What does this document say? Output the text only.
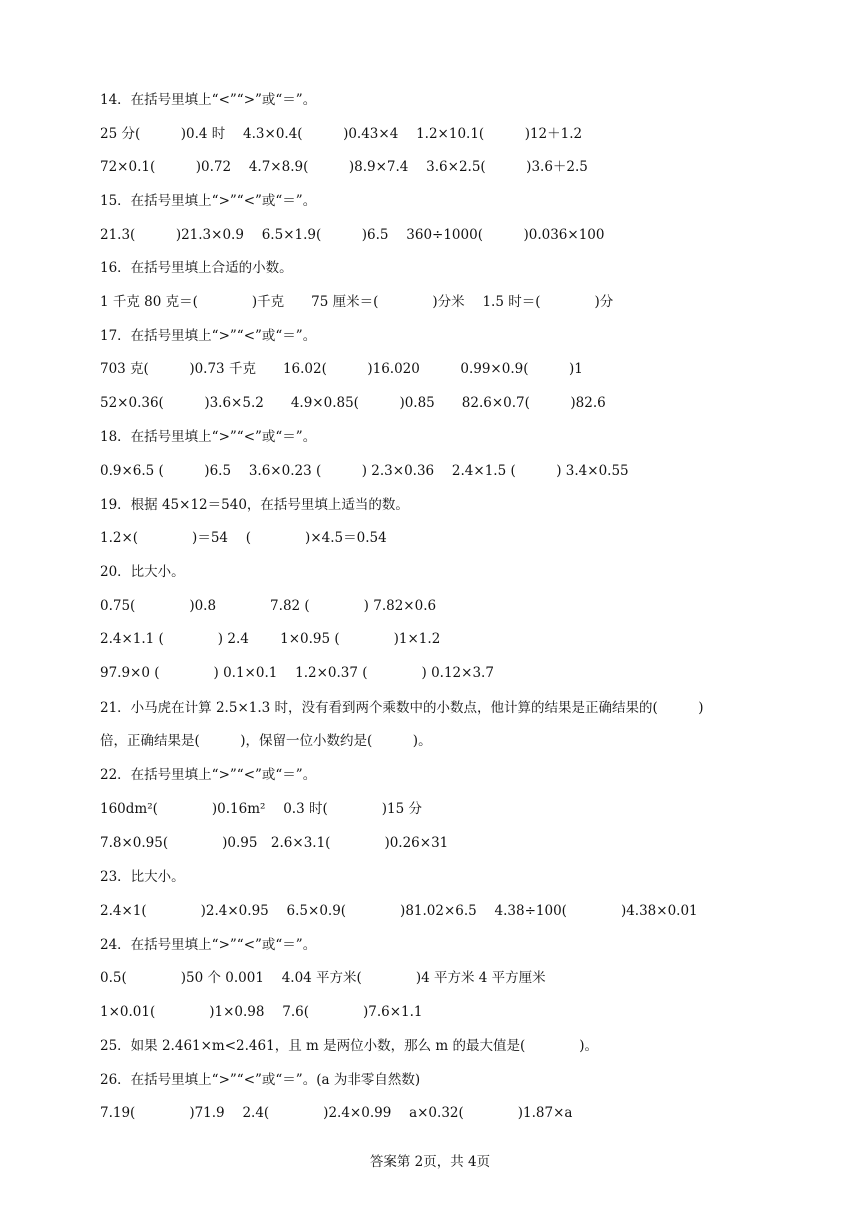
14．在括号里填上“<”“>”或“＝”。
25 分(　　　)0.4 时　 4.3×0.4(　　　)0.43×4　 1.2×10.1(　　　)12＋1.2
72×0.1(　　　)0.72　 4.7×8.9(　　　)8.9×7.4　 3.6×2.5(　　　)3.6＋2.5
15．在括号里填上“>”“<”或“＝”。
21.3(　　　)21.3×0.9　 6.5×1.9(　　　)6.5　 360÷1000(　　　)0.036×100
16．在括号里填上合适的小数。
1 千克 80 克＝(　　　　)千克　　75 厘米＝(　　　　)分米　 1.5 时＝(　　　　)分
17．在括号里填上“>”“<”或“＝”。
703 克(　　　)0.73 千克　　16.02(　　　)16.020　　　0.99×0.9(　　　)1
52×0.36(　　　)3.6×5.2　　4.9×0.85(　　　)0.85　　82.6×0.7(　　　)82.6
18．在括号里填上“>”“<”或“＝”。
0.9×6.5 (　　　)6.5　 3.6×0.23 (　　　) 2.3×0.36　 2.4×1.5 (　　　) 3.4×0.55
19．根据 45×12＝540，在括号里填上适当的数。
1.2×(　　　　)＝54　 (　　　　)×4.5＝0.54
20．比大小。
0.75(　　　　)0.8　　　　7.82 (　　　　) 7.82×0.6
2.4×1.1 (　　　　) 2.4　　 1×0.95 (　　　　)1×1.2
97.9×0 (　　　　) 0.1×0.1　 1.2×0.37 (　　　　) 0.12×3.7
21．小马虎在计算 2.5×1.3 时，没有看到两个乘数中的小数点，他计算的结果是正确结果的(　　　)
倍，正确结果是(　　　)，保留一位小数约是(　　　)。
22．在括号里填上“>”“<”或“＝”。
160dm²(　　　　)0.16m²　 0.3 时(　　　　)15 分
7.8×0.95(　　　　)0.95　2.6×3.1(　　　　)0.26×31
23．比大小。
2.4×1(　　　　)2.4×0.95　 6.5×0.9(　　　　)81.02×6.5　 4.38÷100(　　　　)4.38×0.01
24．在括号里填上“>”“<”或“＝”。
0.5(　　　　)50 个 0.001　 4.04 平方米(　　　　)4 平方米 4 平方厘米
1×0.01(　　　　)1×0.98　 7.6(　　　　)7.6×1.1
25．如果 2.461×m<2.461，且 m 是两位小数，那么 m 的最大值是(　　　　)。
26．在括号里填上“>”“<”或“＝”。(a 为非零自然数)
7.19(　　　　)71.9　 2.4(　　　　)2.4×0.99　 a×0.32(　　　　)1.87×a
答案第 2页，共 4页
